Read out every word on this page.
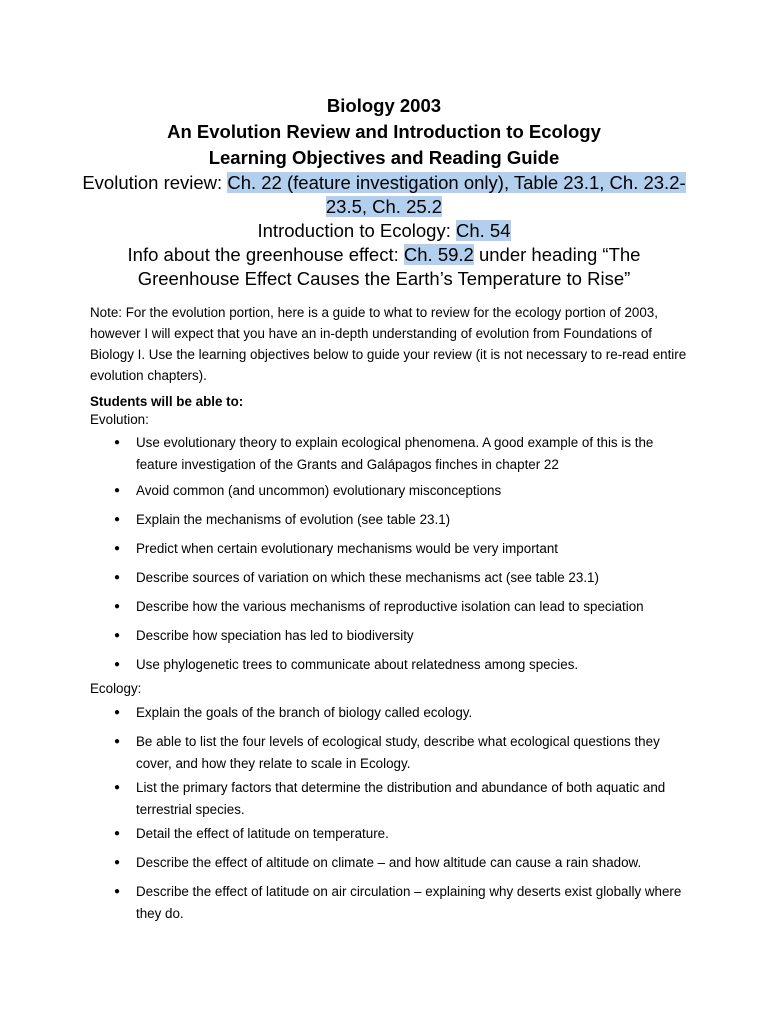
Biology 2003

An Evolution Review and Introduction to Ecology

Learning Objectives and Reading Guide

Evolution review: Ch. 22 (feature investigation only), Table 23.1, Ch. 23.2-

23.5, Ch. 25.2

Introduction to Ecology: Ch. 54

Info about the greenhouse effect: Ch. 59.2 under heading “The

Greenhouse Effect Causes the Earth’s Temperature to Rise”

Note: For the evolution portion, here is a guide to what to review for the ecology portion of 2003, however I will expect that you have an in-depth understanding of evolution from Foundations of Biology I. Use the learning objectives below to guide your review (it is not necessary to re-read entire evolution chapters).

Students will be able to:
Evolution:
● Use evolutionary theory to explain ecological phenomena. A good example of this is the feature investigation of the Grants and Galápagos finches in chapter 22
● Avoid common (and uncommon) evolutionary misconceptions
● Explain the mechanisms of evolution (see table 23.1)
● Predict when certain evolutionary mechanisms would be very important
● Describe sources of variation on which these mechanisms act (see table 23.1)
● Describe how the various mechanisms of reproductive isolation can lead to speciation
● Describe how speciation has led to biodiversity
● Use phylogenetic trees to communicate about relatedness among species.
Ecology:
● Explain the goals of the branch of biology called ecology.
● Be able to list the four levels of ecological study, describe what ecological questions they cover, and how they relate to scale in Ecology.
● List the primary factors that determine the distribution and abundance of both aquatic and terrestrial species.
● Detail the effect of latitude on temperature.
● Describe the effect of altitude on climate – and how altitude can cause a rain shadow.
● Describe the effect of latitude on air circulation – explaining why deserts exist globally where they do.
